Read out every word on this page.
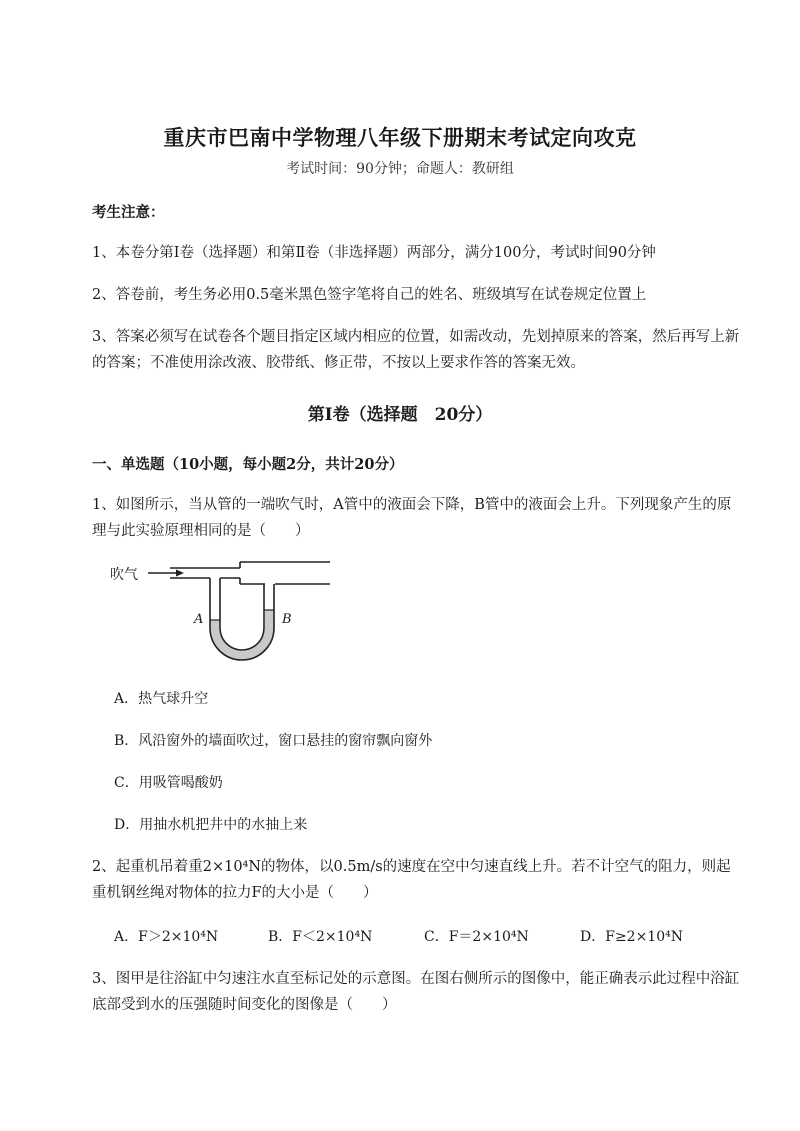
重庆市巴南中学物理八年级下册期末考试定向攻克
考试时间：90分钟；命题人：教研组
考生注意：
1、本卷分第I卷（选择题）和第Ⅱ卷（非选择题）两部分，满分100分，考试时间90分钟
2、答卷前，考生务必用0.5毫米黑色签字笔将自己的姓名、班级填写在试卷规定位置上
3、答案必须写在试卷各个题目指定区域内相应的位置，如需改动，先划掉原来的答案，然后再写上新
的答案；不准使用涂改液、胶带纸、修正带，不按以上要求作答的答案无效。
第I卷（选择题　20分）
一、单选题（10小题，每小题2分，共计20分）
1、如图所示，当从管的一端吹气时，A管中的液面会下降，B管中的液面会上升。下列现象产生的原
理与此实验原理相同的是（　　）
吹气
A	B
A．热气球升空
B．风沿窗外的墙面吹过，窗口悬挂的窗帘飘向窗外
C．用吸管喝酸奶
D．用抽水机把井中的水抽上来
2、起重机吊着重2×10⁴N的物体，以0.5m/s的速度在空中匀速直线上升。若不计空气的阻力，则起
重机钢丝绳对物体的拉力F的大小是（　　）
A．F＞2×10⁴N	B．F＜2×10⁴N	C．F＝2×10⁴N	D．F≥2×10⁴N
3、图甲是往浴缸中匀速注水直至标记处的示意图。在图右侧所示的图像中，能正确表示此过程中浴缸
底部受到水的压强随时间变化的图像是（　　）
